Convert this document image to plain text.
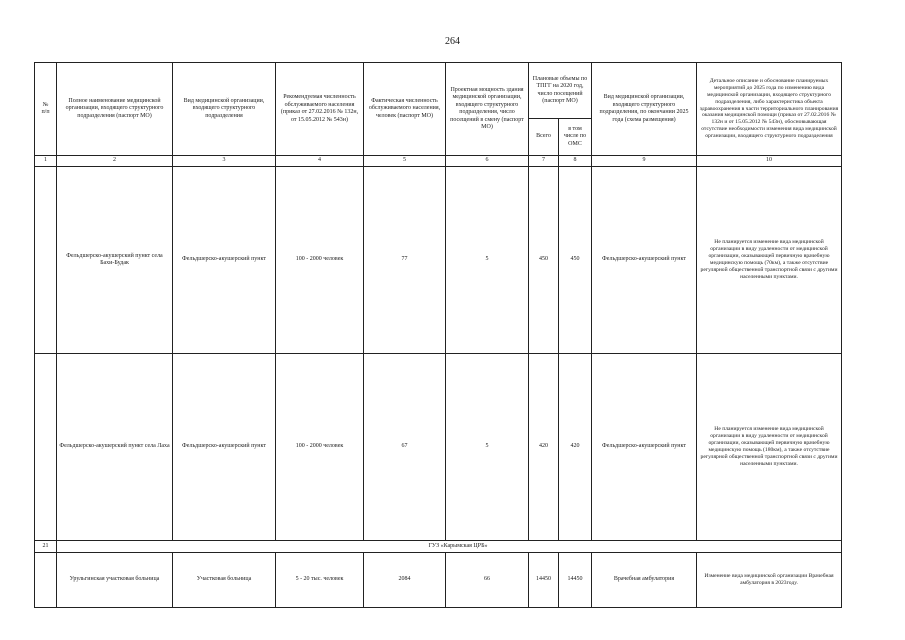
264
№
п/п	Полное наименование медицинской организации, входящего структурного подразделения (паспорт МО)	Вид медицинской организации, входящего структурного подразделения	Рекомендуемая численность обслуживаемого населения (приказ от 27.02.2016 № 132н, от 15.05.2012 № 543н)	Фактическая численность обслуживаемого населения, человек (паспорт МО)	Проектная мощность здания медицинской организации, входящего структурного подразделения, число посещений в смену (паспорт МО)	Плановые объемы по ТПГГ на 2020 год, число посещений (паспорт МО)		Вид медицинской организации, входящего структурного подразделения, по окончании 2025 года (схема размещения)	Детальное описание и обоснование планируемых мероприятий до 2025 года по изменению вида медицинской организации, входящего структурного подразделения, либо характеристика объекта здравоохранения в части территориального планирования оказания медицинской помощи (приказ от 27.02.2016 № 132н и от 15.05.2012 № 543н), обосновывающая отсутствие необходимости изменения вида медицинской организации, входящего структурного подразделения
						Всего	в том числе по ОМС		
1	2	3	4	5	6	7	8	9	10
	Фельдшерско-акушерский пункт села Бахи-Будак	Фельдшерско-акушерский пункт	100 - 2000 человек	77	5	450	450	Фельдшерско-акушерский пункт	Не планируется изменение вида медицинской организации в виду удаленности от медицинской организации, оказывающей первичную врачебную медицинскую помощь (70км), а также отсутствие регулярной общественной транспортной связи с другими населенными пунктами.
	Фельдшерско-акушерский пункт села Лаха	Фельдшерско-акушерский пункт	100 - 2000 человек	67	5	420	420	Фельдшерско-акушерский пункт	Не планируется изменение вида медицинской организации в виду удаленности от медицинской организации, оказывающей первичную врачебную медицинскую помощь (180км), а также отсутствие регулярной общественной транспортной связи с другими населенными пунктами.
21	ГУЗ «Карымская ЦРБ»								
	Урульгинская участковая больница	Участковая больница	5 - 20 тыс. человек	2084	66	14450	14450	Врачебная амбулатория	Изменение вида медицинской организации Врачебная амбулатория в 2023году.
